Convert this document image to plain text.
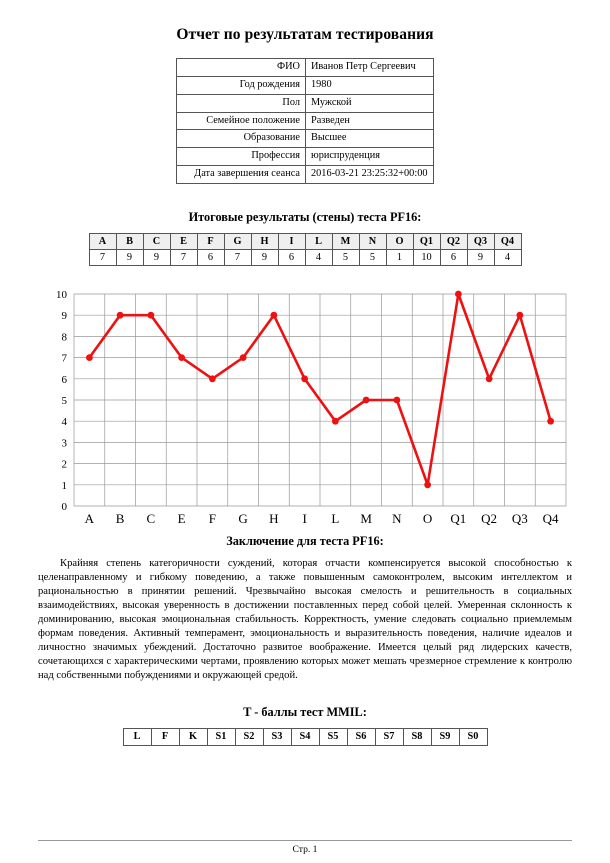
Отчет по результатам тестирования
ФИО	Иванов Петр Сергеевич
Год рождения	1980
Пол	Мужской
Семейное положение	Разведен
Образование	Высшее
Профессия	юриспруденция
Дата завершения сеанса	2016-03-21 23:25:32+00:00
Итоговые результаты (стены) теста PF16:
A	B	C	E	F	G	H	I	L	M	N	O	Q1	Q2	Q3	Q4
7	9	9	7	6	7	9	6	4	5	5	1	10	6	9	4
0
1
2
3
4
5
6
7
8
9
10
A B C E F G H I L M N O Q1 Q2 Q3 Q4
Заключение для теста PF16:

Крайняя степень категоричности суждений, которая отчасти компенсируется высокой способностью к целенаправленному и гибкому поведению, а также повышенным самоконтролем, высоким интеллектом и рациональностью в принятии решений. Чрезвычайно высокая смелость и решительность в социальных взаимодействиях, высокая уверенность в достижении поставленных перед собой целей. Умеренная склонность к доминированию, высокая эмоциональная стабильность. Корректность, умение следовать социально приемлемым формам поведения. Активный темперамент, эмоциональность и выразительность поведения, наличие идеалов и личностно значимых убеждений. Достаточно развитое воображение. Имеется целый ряд лидерских качеств, сочетающихся с характерическими чертами, проявлению которых может мешать чрезмерное стремление к контролю над собственными побуждениями и окружающей средой.

T - баллы тест MMIL:
L	F	K	S1	S2	S3	S4	S5	S6	S7	S8	S9	S0
Стр. 1
